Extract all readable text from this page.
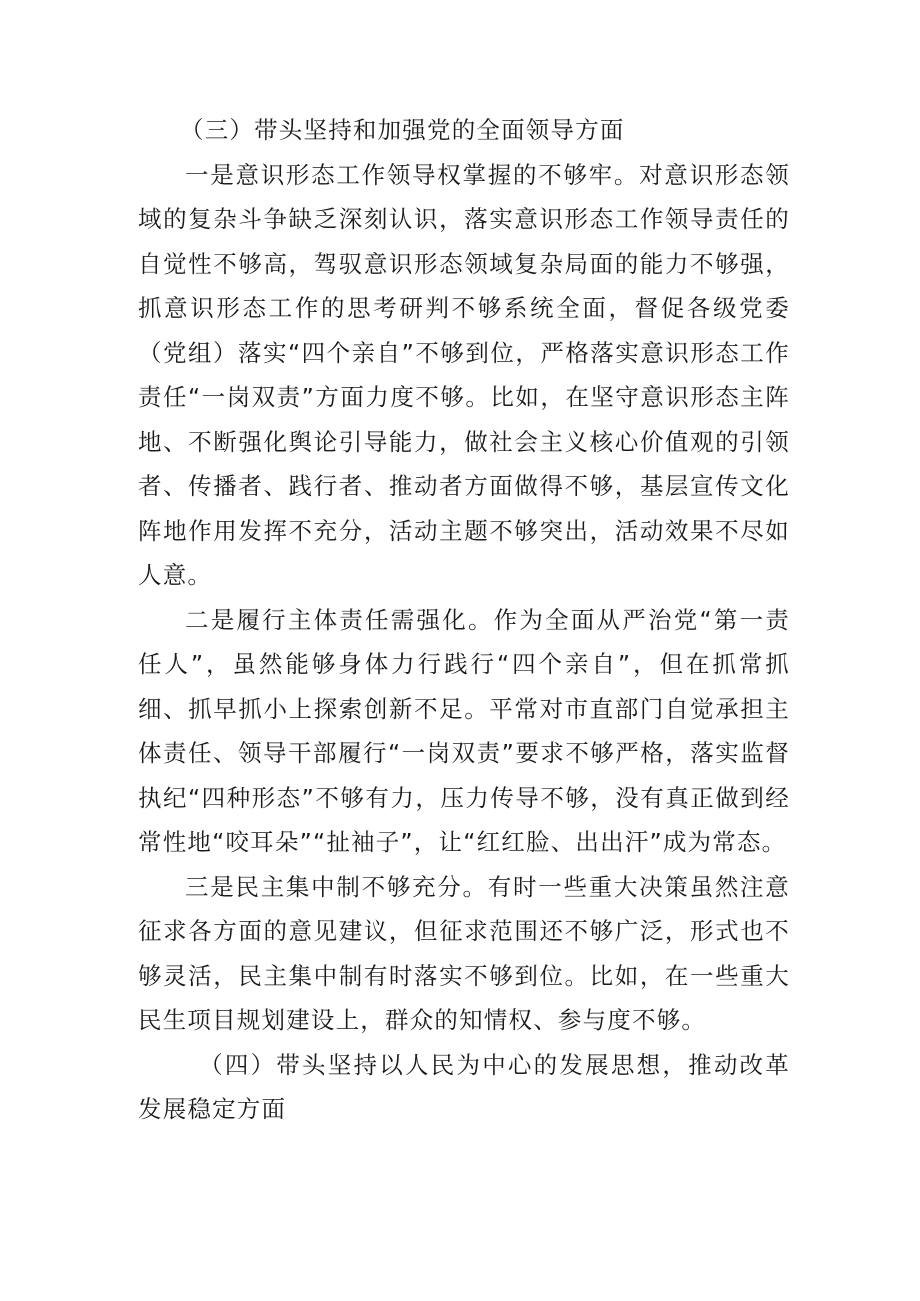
（三）带头坚持和加强党的全面领导方面

一是意识形态工作领导权掌握的不够牢。对意识形态领域的复杂斗争缺乏深刻认识，落实意识形态工作领导责任的自觉性不够高，驾驭意识形态领域复杂局面的能力不够强，抓意识形态工作的思考研判不够系统全面，督促各级党委（党组）落实“四个亲自”不够到位，严格落实意识形态工作责任“一岗双责”方面力度不够。比如，在坚守意识形态主阵地、不断强化舆论引导能力，做社会主义核心价值观的引领者、传播者、践行者、推动者方面做得不够，基层宣传文化阵地作用发挥不充分，活动主题不够突出，活动效果不尽如人意。

二是履行主体责任需强化。作为全面从严治党“第一责任人”，虽然能够身体力行践行“四个亲自”，但在抓常抓细、抓早抓小上探索创新不足。平常对市直部门自觉承担主体责任、领导干部履行“一岗双责”要求不够严格，落实监督执纪“四种形态”不够有力，压力传导不够，没有真正做到经常性地“咬耳朵”“扯袖子”，让“红红脸、出出汗”成为常态。

三是民主集中制不够充分。有时一些重大决策虽然注意征求各方面的意见建议，但征求范围还不够广泛，形式也不够灵活，民主集中制有时落实不够到位。比如，在一些重大民生项目规划建设上，群众的知情权、参与度不够。

（四）带头坚持以人民为中心的发展思想，推动改革发展稳定方面
